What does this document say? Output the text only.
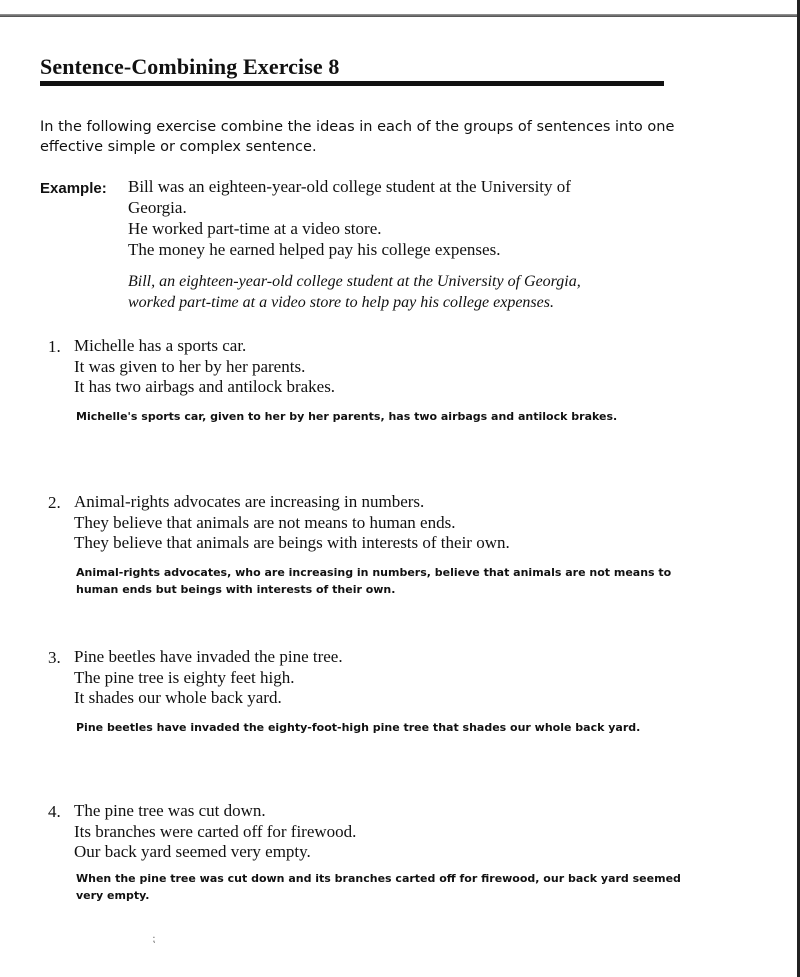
Sentence-Combining Exercise 8
In the following exercise combine the ideas in each of the groups of sentences into one effective simple or complex sentence.
Example: Bill was an eighteen-year-old college student at the University of
Georgia.
He worked part-time at a video store.
The money he earned helped pay his college expenses.
Bill, an eighteen-year-old college student at the University of Georgia,
worked part-time at a video store to help pay his college expenses.
1. Michelle has a sports car.
It was given to her by her parents.
It has two airbags and antilock brakes.
Michelle's sports car, given to her by her parents, has two airbags and antilock brakes.
2. Animal-rights advocates are increasing in numbers.
They believe that animals are not means to human ends.
They believe that animals are beings with interests of their own.
Animal-rights advocates, who are increasing in numbers, believe that animals are not means to
human ends but beings with interests of their own.
3. Pine beetles have invaded the pine tree.
The pine tree is eighty feet high.
It shades our whole back yard.
Pine beetles have invaded the eighty-foot-high pine tree that shades our whole back yard.
4. The pine tree was cut down.
Its branches were carted off for firewood.
Our back yard seemed very empty.
When the pine tree was cut down and its branches carted off for firewood, our back yard seemed
very empty.
⁏
